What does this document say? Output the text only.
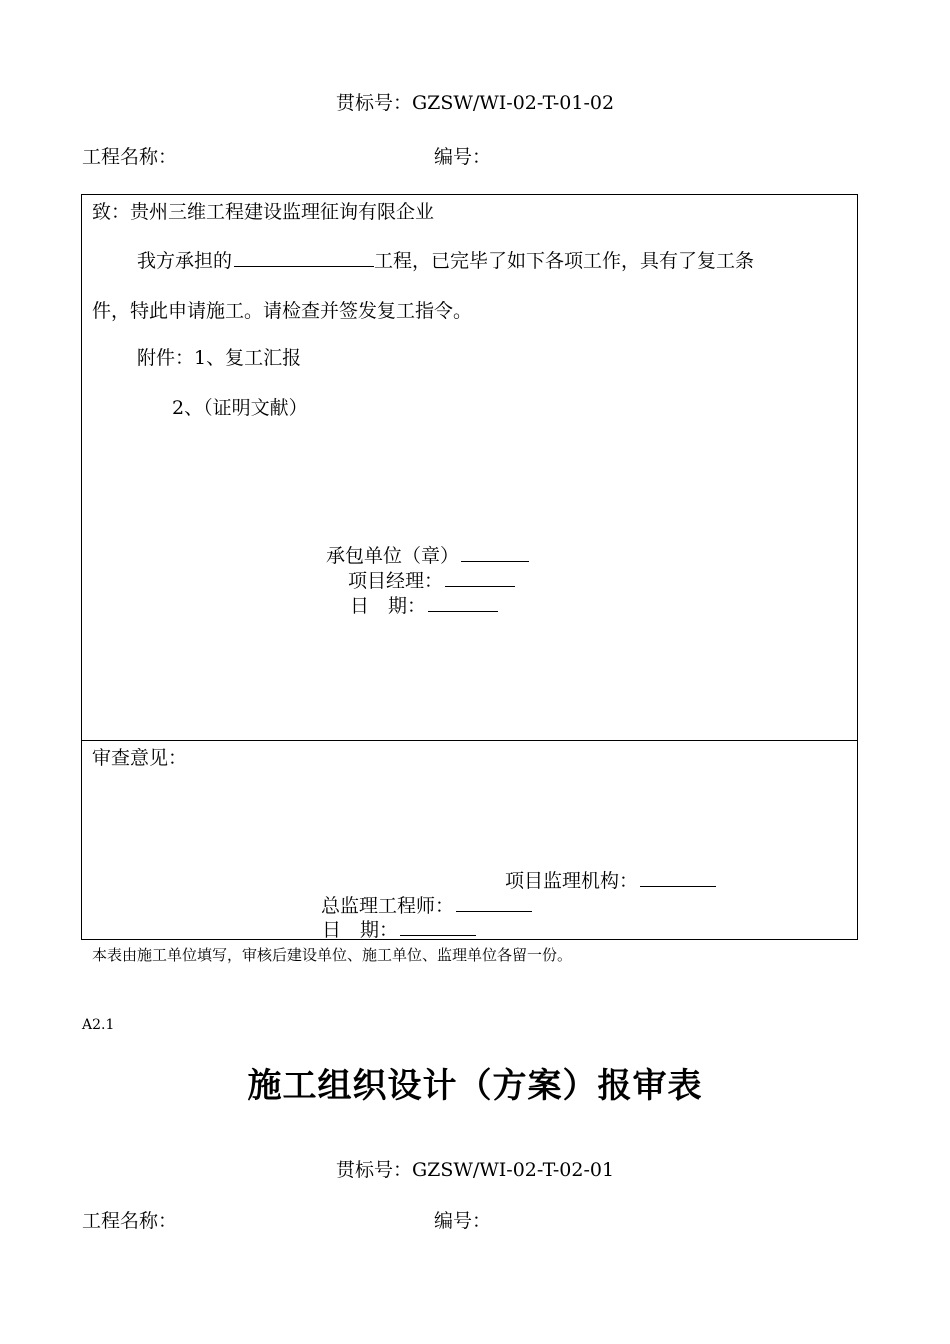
贯标号：GZSW/WI-02-T-01-02
工程名称：	编号：
致：贵州三维工程建设监理征询有限企业
我方承担的	工程，已完毕了如下各项工作，具有了复工条
件，特此申请施工。请检查并签发复工指令。
附件：1、复工汇报
2、（证明文献）
承包单位（章）
项目经理：
日　期：
审查意见：
项目监理机构：
总监理工程师：
日　期：
本表由施工单位填写，审核后建设单位、施工单位、监理单位各留一份。
A2.1
施工组织设计（方案）报审表
贯标号：GZSW/WI-02-T-02-01
工程名称：	编号：
